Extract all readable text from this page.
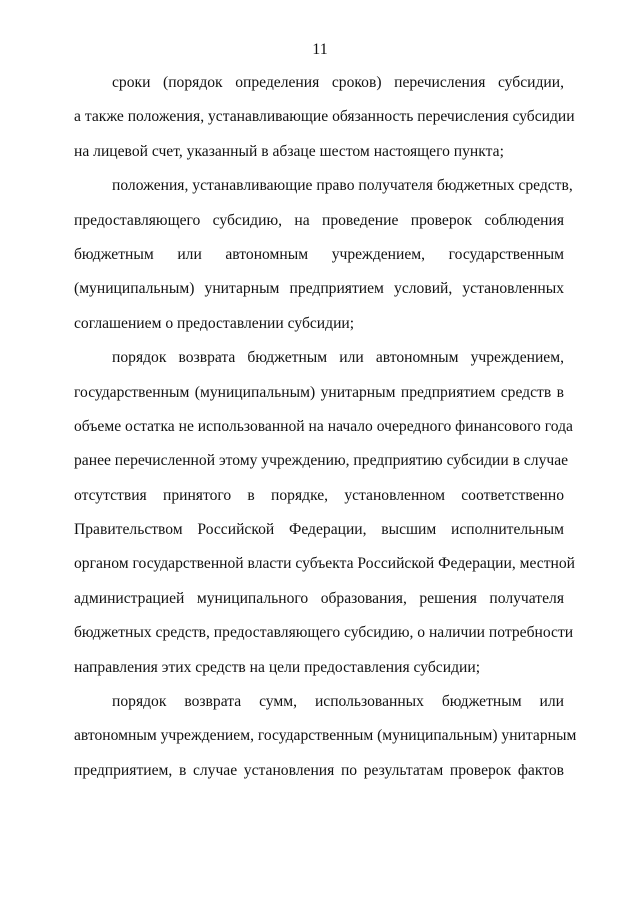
11
сроки (порядок определения сроков) перечисления субсидии,
а также положения, устанавливающие обязанность перечисления субсидии
на лицевой счет, указанный в абзаце шестом настоящего пункта;
положения, устанавливающие право получателя бюджетных средств,
предоставляющего субсидию, на проведение проверок соблюдения
бюджетным или автономным учреждением, государственным
(муниципальным) унитарным предприятием условий, установленных
соглашением о предоставлении субсидии;
порядок возврата бюджетным или автономным учреждением,
государственным (муниципальным) унитарным предприятием средств в
объеме остатка не использованной на начало очередного финансового года
ранее перечисленной этому учреждению, предприятию субсидии в случае
отсутствия принятого в порядке, установленном соответственно
Правительством Российской Федерации, высшим исполнительным
органом государственной власти субъекта Российской Федерации, местной
администрацией муниципального образования, решения получателя
бюджетных средств, предоставляющего субсидию, о наличии потребности
направления этих средств на цели предоставления субсидии;
порядок возврата сумм, использованных бюджетным или
автономным учреждением, государственным (муниципальным) унитарным
предприятием, в случае установления по результатам проверок фактов
